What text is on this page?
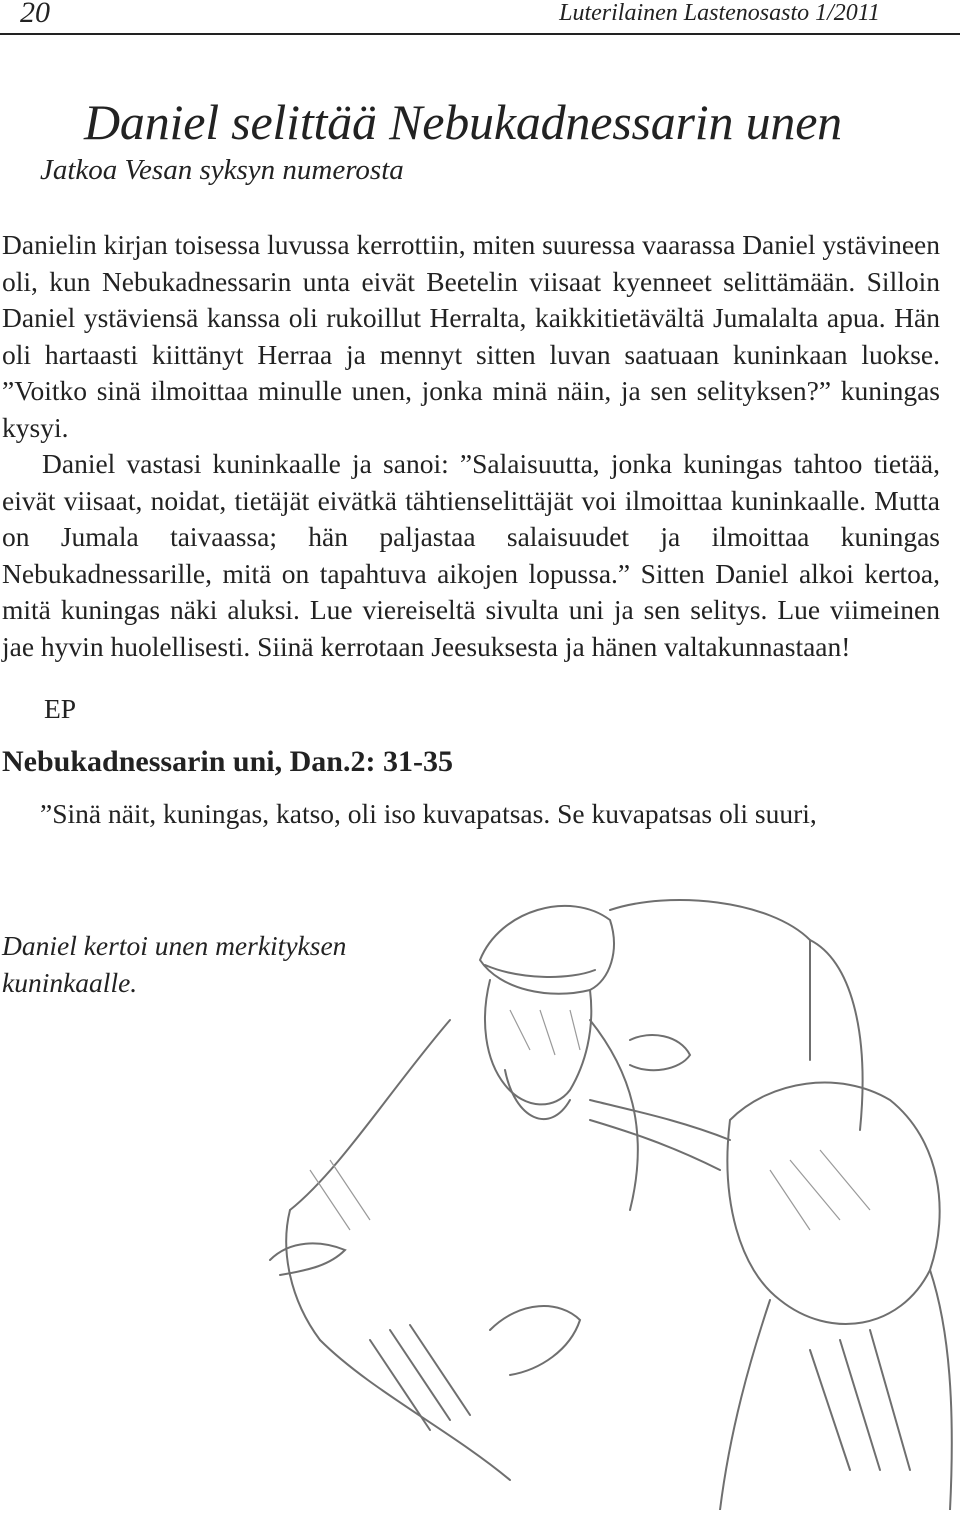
20	Luterilainen Lastenosasto 1/2011
Daniel selittää Nebukadnessarin unen
Jatkoa Vesan syksyn numerosta

Danielin kirjan toisessa luvussa kerrottiin, miten suuressa vaarassa Daniel ystävineen oli, kun Nebukadnessarin unta eivät Beetelin viisaat kyenneet selittämään. Silloin Daniel ystäviensä kanssa oli rukoillut Herralta, kaikkitietävältä Jumalalta apua. Hän oli hartaasti kiittänyt Herraa ja mennyt sitten luvan saatuaan kuninkaan luokse. ”Voitko sinä ilmoittaa minulle unen, jonka minä näin, ja sen selityksen?” kuningas kysyi.

Daniel vastasi kuninkaalle ja sanoi: ”Salaisuutta, jonka kuningas tahtoo tietää, eivät viisaat, noidat, tietäjät eivätkä tähtienselittäjät voi ilmoittaa kuninkaalle. Mutta on Jumala taivaassa; hän paljastaa salaisuudet ja ilmoittaa kuningas Nebukadnessarille, mitä on tapahtuva aikojen lopussa.” Sitten Daniel alkoi kertoa, mitä kuningas näki aluksi. Lue viereiseltä sivulta uni ja sen selitys. Lue viimeinen jae hyvin huolellisesti. Siinä kerrotaan Jeesuksesta ja hänen valtakunnastaan!

EP
Nebukadnessarin uni, Dan.2: 31-35
”Sinä näit, kuningas, katso, oli iso kuvapatsas. Se kuvapatsas oli suuri,
Daniel kertoi unen merkityksen kuninkaalle.
